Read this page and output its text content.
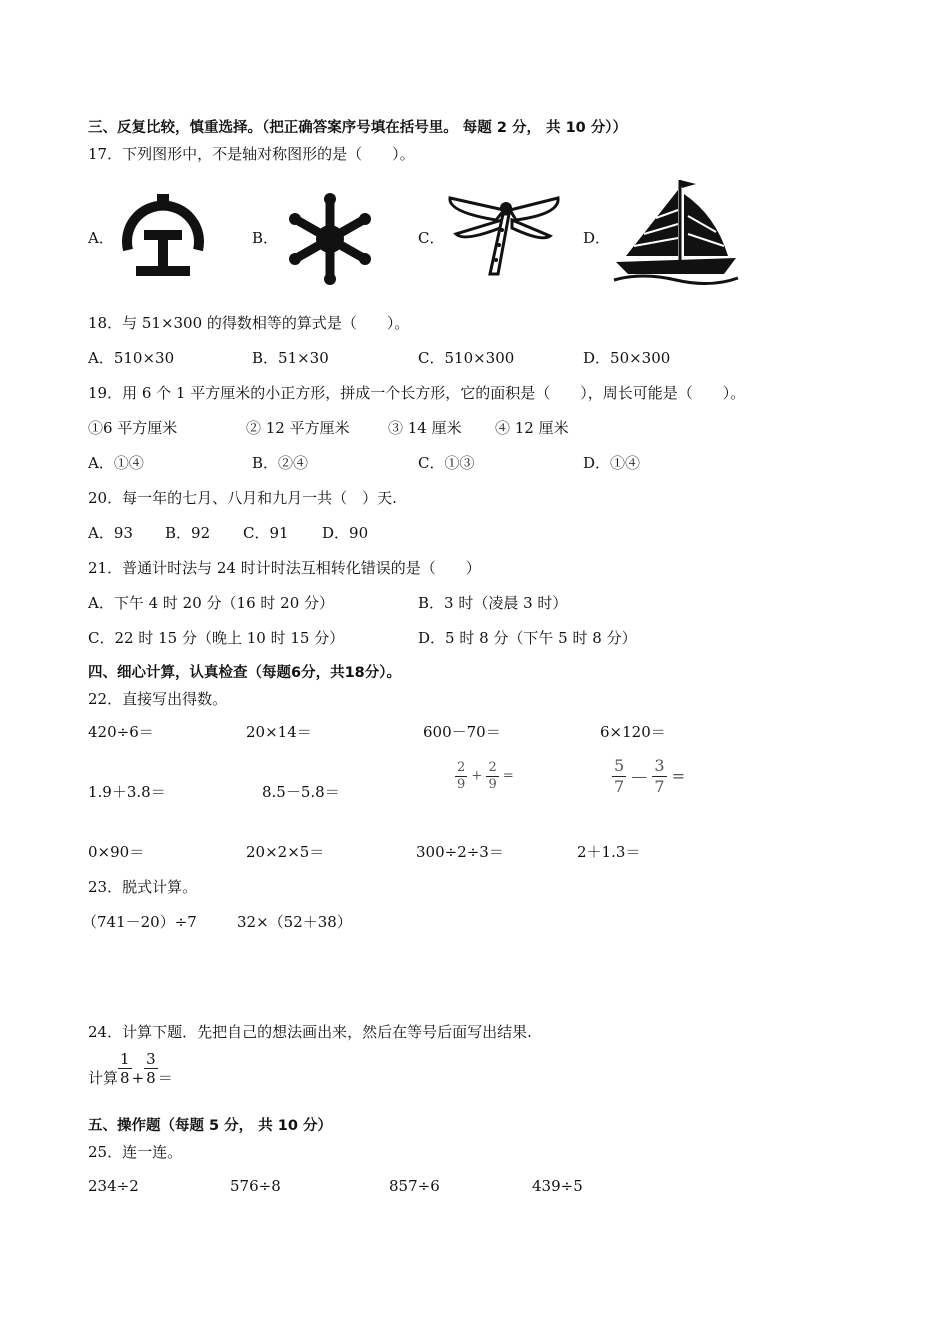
三、反复比较，慎重选择。（把正确答案序号填在括号里。 每题 2 分， 共 10 分））
17．下列图形中，不是轴对称图形的是（　　）。
A．	B．	C．	D．
18．与 51×300 的得数相等的算式是（　　）。
A．510×30	B．51×30	C．510×300	D．50×300
19．用 6 个 1 平方厘米的小正方形，拼成一个长方形，它的面积是（　　），周长可能是（　　）。
①6 平方厘米	② 12 平方厘米	③ 14 厘米 ④ 12 厘米
A．①④	B．②④	C．①③	D．①④
20．每一年的七月、八月和九月一共（　）天.
A．93 B．92 C．91 D．90
21．普通计时法与 24 时计时法互相转化错误的是（　　）
A．下午 4 时 20 分（16 时 20 分）	B．3 时（凌晨 3 时）
C．22 时 15 分（晚上 10 时 15 分）	D．5 时 8 分（下午 5 时 8 分）
四、细心计算，认真检查（每题6分，共18分）。
22．直接写出得数。
420÷6＝	20×14＝	600－70＝	6×120＝
1.9＋3.8＝	8.5－5.8＝	$\frac{2}{9} + \frac{2}{9}$ =	$\frac{5}{7}$ — $\frac{3}{7}$ =
0×90＝	20×2×5＝	300÷2÷3＝	2＋1.3＝
23．脱式计算。
（741－20）÷7	32×（52＋38）
24．计算下题．先把自己的想法画出来，然后在等号后面写出结果.
计算 $\frac{1}{8} + \frac{3}{8}$ ＝
五、操作题（每题 5 分， 共 10 分）
25．连一连。
234÷2	576÷8	857÷6	439÷5
